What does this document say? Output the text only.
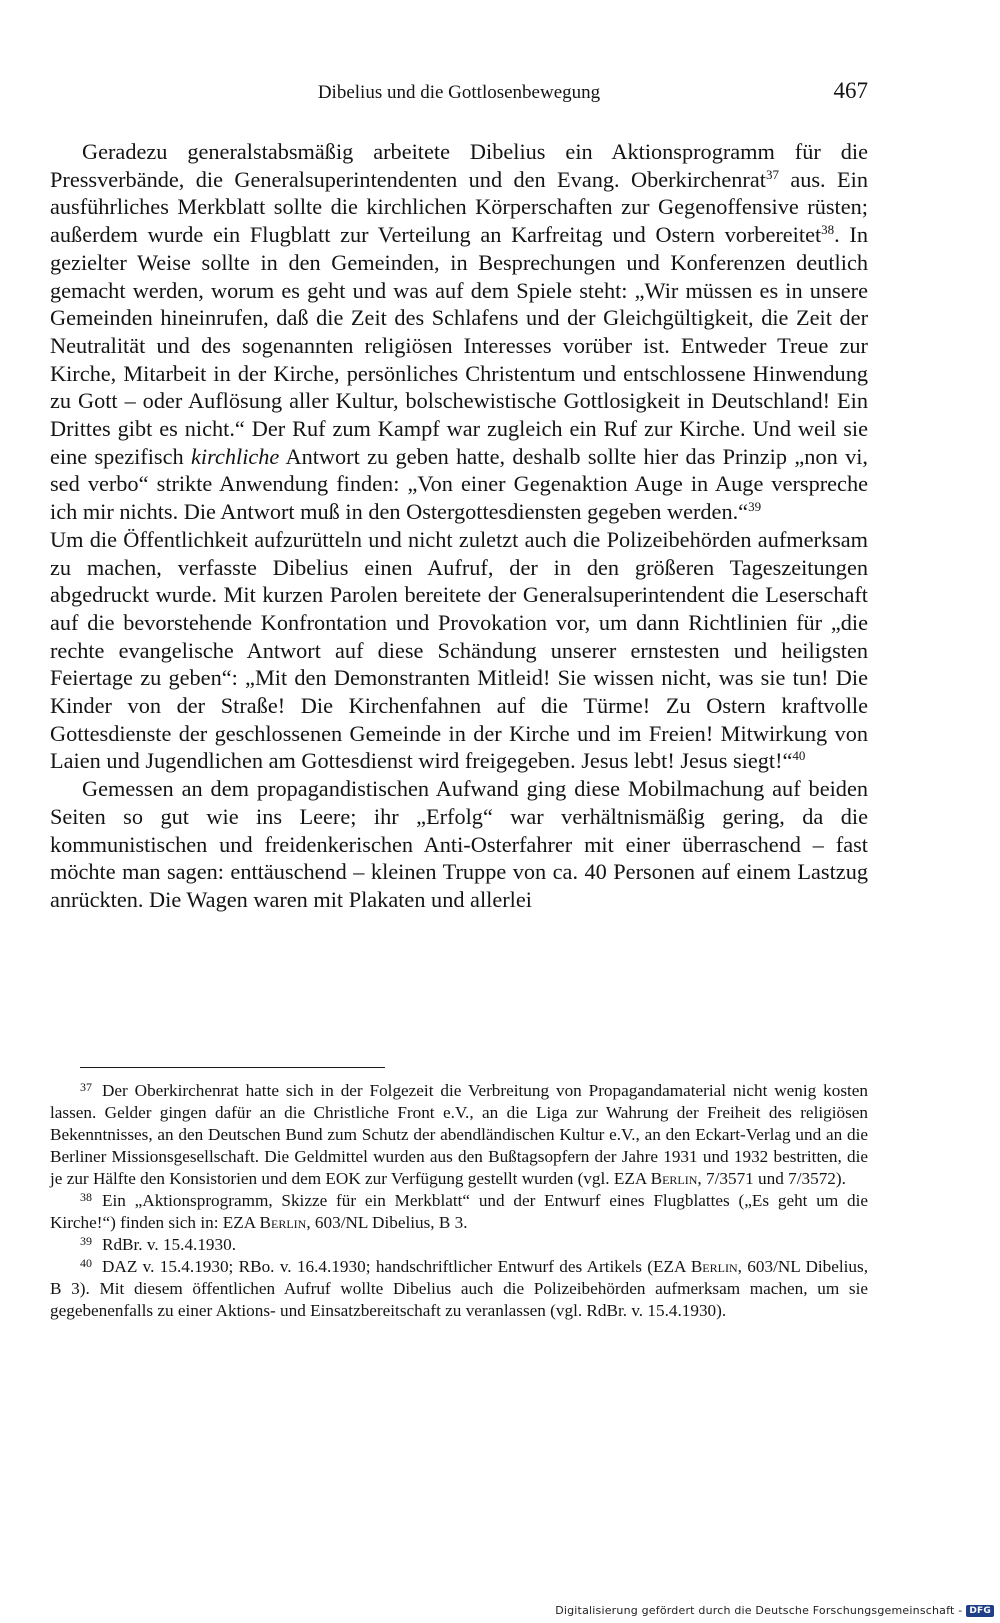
Dibelius und die Gottlosenbewegung	467

Geradezu generalstabsmäßig arbeitete Dibelius ein Aktionsprogramm für die Pressverbände, die Generalsuperintendenten und den Evang. Oberkirchenrat$^{37}$ aus. Ein ausführliches Merkblatt sollte die kirchlichen Körperschaften zur Gegenoffensive rüsten; außerdem wurde ein Flugblatt zur Verteilung an Karfreitag und Ostern vorbereitet$^{38}$. In gezielter Weise sollte in den Gemeinden, in Besprechungen und Konferenzen deutlich gemacht werden, worum es geht und was auf dem Spiele steht: „Wir müssen es in unsere Gemeinden hineinrufen, daß die Zeit des Schlafens und der Gleichgültigkeit, die Zeit der Neutralität und des sogenannten religiösen Interesses vorüber ist. Entweder Treue zur Kirche, Mitarbeit in der Kirche, persönliches Christentum und entschlossene Hinwendung zu Gott – oder Auflösung aller Kultur, bolschewistische Gottlosigkeit in Deutschland! Ein Drittes gibt es nicht.“ Der Ruf zum Kampf war zugleich ein Ruf zur Kirche. Und weil sie eine spezifisch kirchliche Antwort zu geben hatte, deshalb sollte hier das Prinzip „non vi, sed verbo“ strikte Anwendung finden: „Von einer Gegenaktion Auge in Auge verspreche ich mir nichts. Die Antwort muß in den Ostergottesdiensten gegeben werden.“$^{39}$

Um die Öffentlichkeit aufzurütteln und nicht zuletzt auch die Polizeibehörden aufmerksam zu machen, verfasste Dibelius einen Aufruf, der in den größeren Tageszeitungen abgedruckt wurde. Mit kurzen Parolen bereitete der Generalsuperintendent die Leserschaft auf die bevorstehende Konfrontation und Provokation vor, um dann Richtlinien für „die rechte evangelische Antwort auf diese Schändung unserer ernstesten und heiligsten Feiertage zu geben“: „Mit den Demonstranten Mitleid! Sie wissen nicht, was sie tun! Die Kinder von der Straße! Die Kirchenfahnen auf die Türme! Zu Ostern kraftvolle Gottesdienste der geschlossenen Gemeinde in der Kirche und im Freien! Mitwirkung von Laien und Jugendlichen am Gottesdienst wird freigegeben. Jesus lebt! Jesus siegt!“$^{40}$

Gemessen an dem propagandistischen Aufwand ging diese Mobilmachung auf beiden Seiten so gut wie ins Leere; ihr „Erfolg“ war verhältnismäßig gering, da die kommunistischen und freidenkerischen Anti-Osterfahrer mit einer überraschend – fast möchte man sagen: enttäuschend – kleinen Truppe von ca. 40 Personen auf einem Lastzug anrückten. Die Wagen waren mit Plakaten und allerlei

$^{37}$ Der Oberkirchenrat hatte sich in der Folgezeit die Verbreitung von Propagandamaterial nicht wenig kosten lassen. Gelder gingen dafür an die Christliche Front e.V., an die Liga zur Wahrung der Freiheit des religiösen Bekenntnisses, an den Deutschen Bund zum Schutz der abendländischen Kultur e.V., an den Eckart-Verlag und an die Berliner Missionsgesellschaft. Die Geldmittel wurden aus den Bußtagsopfern der Jahre 1931 und 1932 bestritten, die je zur Hälfte den Konsistorien und dem EOK zur Verfügung gestellt wurden (vgl. EZA Berlin, 7/3571 und 7/3572).

$^{38}$ Ein „Aktionsprogramm, Skizze für ein Merkblatt“ und der Entwurf eines Flugblattes („Es geht um die Kirche!“) finden sich in: EZA Berlin, 603/NL Dibelius, B 3.

$^{39}$ RdBr. v. 15.4.1930.

$^{40}$ DAZ v. 15.4.1930; RBo. v. 16.4.1930; handschriftlicher Entwurf des Artikels (EZA Berlin, 603/NL Dibelius, B 3). Mit diesem öffentlichen Aufruf wollte Dibelius auch die Polizeibehörden aufmerksam machen, um sie gegebenenfalls zu einer Aktions- und Einsatzbereitschaft zu veranlassen (vgl. RdBr. v. 15.4.1930).

Digitalisierung gefördert durch die Deutsche Forschungsgemeinschaft - DFG
